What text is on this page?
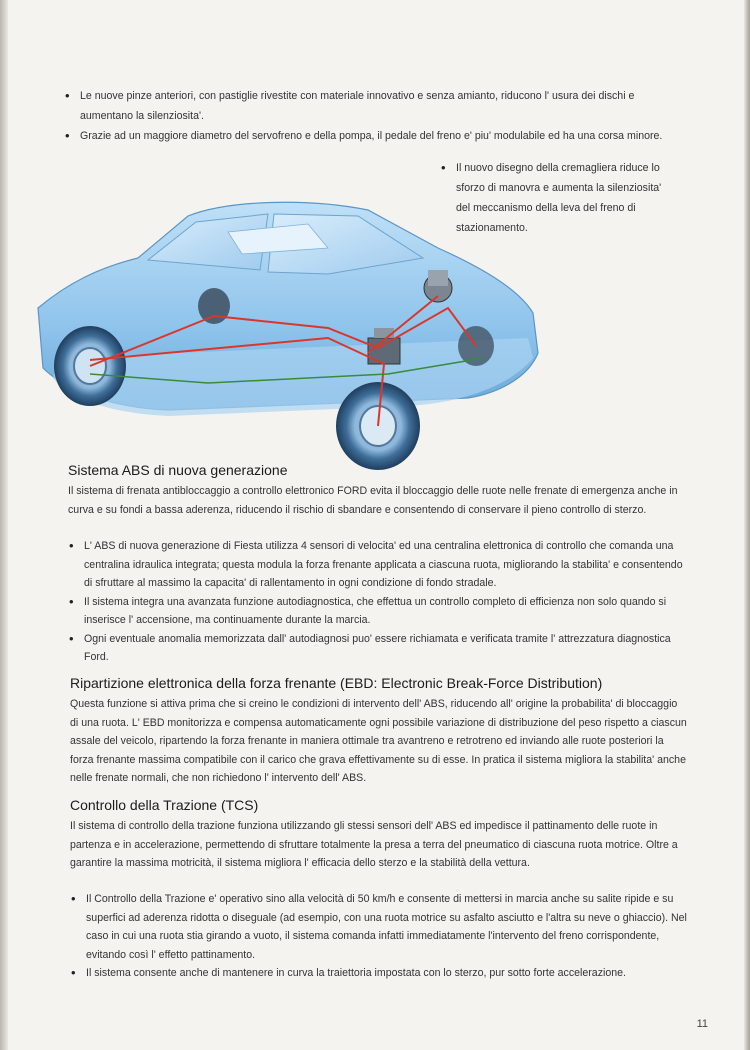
• Le nuove pinze anteriori, con pastiglie rivestite con materiale innovativo e senza amianto, riducono l' usura dei dischi e aumentano la silenziosita'.
• Grazie ad un maggiore diametro del servofreno e della pompa, il pedale del freno e' piu' modulabile ed ha una corsa minore.
• Il nuovo disegno della cremagliera riduce lo sforzo di manovra e aumenta la silenziosita' del meccanismo della leva del freno di stazionamento.
Sistema ABS di nuova generazione

Il sistema di frenata antibloccaggio a controllo elettronico FORD evita il bloccaggio delle ruote nelle frenate di emergenza anche in curva e su fondi a bassa aderenza, riducendo il rischio di sbandare e consentendo di conservare il pieno controllo di sterzo.

• L' ABS di nuova generazione di Fiesta utilizza 4 sensori di velocita' ed una centralina elettronica di controllo che comanda una centralina idraulica integrata; questa modula la forza frenante applicata a ciascuna ruota, migliorando la stabilita' e consentendo di sfruttare al massimo la capacita' di rallentamento in ogni condizione di fondo stradale.
• Il sistema integra una avanzata funzione autodiagnostica, che effettua un controllo completo di efficienza non solo quando si inserisce l' accensione, ma continuamente durante la marcia.
• Ogni eventuale anomalia memorizzata dall' autodiagnosi puo' essere richiamata e verificata tramite l' attrezzatura diagnostica Ford.
Ripartizione elettronica della forza frenante (EBD: Electronic Break-Force Distribution)

Questa funzione si attiva prima che si creino le condizioni di intervento dell' ABS, riducendo all' origine la probabilita' di bloccaggio di una ruota. L' EBD monitorizza e compensa automaticamente ogni possibile variazione di distribuzione del peso rispetto a ciascun assale del veicolo, ripartendo la forza frenante in maniera ottimale tra avantreno e retrotreno ed inviando alle ruote posteriori la forza frenante massima compatibile con il carico che grava effettivamente su di esse. In pratica il sistema migliora la stabilita' anche nelle frenate normali, che non richiedono l' intervento dell' ABS.

Controllo della Trazione (TCS)

Il sistema di controllo della trazione funziona utilizzando gli stessi sensori dell' ABS ed impedisce il pattinamento delle ruote in partenza e in accelerazione, permettendo di sfruttare totalmente la presa a terra del pneumatico di ciascuna ruota motrice. Oltre a garantire la massima motricità, il sistema migliora l' efficacia dello sterzo e la stabilità della vettura.

• Il Controllo della Trazione e' operativo sino alla velocità di 50 km/h e consente di mettersi in marcia anche su salite ripide e su superfici ad aderenza ridotta o diseguale (ad esempio, con una ruota motrice su asfalto asciutto e l'altra su neve o ghiaccio). Nel caso in cui una ruota stia girando a vuoto, il sistema comanda infatti immediatamente l'intervento del freno corrispondente, evitando così l' effetto pattinamento.
• Il sistema consente anche di mantenere in curva la traiettoria impostata con lo sterzo, pur sotto forte accelerazione.
11
